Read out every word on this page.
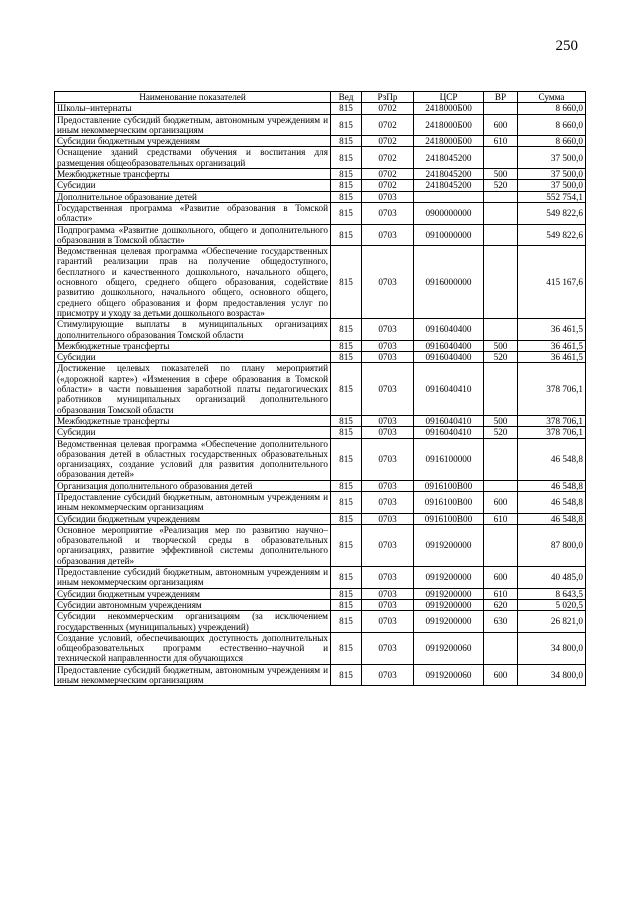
250
Наименование показателей	Вед	РзПр	ЦСР	ВР	Сумма
Школы–интернаты	815	0702	2418000Б00		8 660,0
Предоставление субсидий бюджетным, автономным учреждениям и иным некоммерческим организациям	815	0702	2418000Б00	600	8 660,0
Субсидии бюджетным учреждениям	815	0702	2418000Б00	610	8 660,0
Оснащение зданий средствами обучения и воспитания для размещения общеобразовательных организаций	815	0702	2418045200		37 500,0
Межбюджетные трансферты	815	0702	2418045200	500	37 500,0
Субсидии	815	0702	2418045200	520	37 500,0
Дополнительное образование детей	815	0703			552 754,1
Государственная программа «Развитие образования в Томской области»	815	0703	0900000000		549 822,6
Подпрограмма «Развитие дошкольного, общего и дополнительного образования в Томской области»	815	0703	0910000000		549 822,6
Ведомственная целевая программа «Обеспечение государственных гарантий реализации прав на получение общедоступного, бесплатного и качественного дошкольного, начального общего, основного общего, среднего общего образования, содействие развитию дошкольного, начального общего, основного общего, среднего общего образования и форм предоставления услуг по присмотру и уходу за детьми дошкольного возраста»	815	0703	0916000000		415 167,6
Стимулирующие выплаты в муниципальных организациях дополнительного образования Томской области	815	0703	0916040400		36 461,5
Межбюджетные трансферты	815	0703	0916040400	500	36 461,5
Субсидии	815	0703	0916040400	520	36 461,5
Достижение целевых показателей по плану мероприятий («дорожной карте») «Изменения в сфере образования в Томской области» в части повышения заработной платы педагогических работников муниципальных организаций дополнительного образования Томской области	815	0703	0916040410		378 706,1
Межбюджетные трансферты	815	0703	0916040410	500	378 706,1
Субсидии	815	0703	0916040410	520	378 706,1
Ведомственная целевая программа «Обеспечение дополнительного образования детей в областных государственных образовательных организациях, создание условий для развития дополнительного образования детей»	815	0703	0916100000		46 548,8
Организация дополнительного образования детей	815	0703	0916100В00		46 548,8
Предоставление субсидий бюджетным, автономным учреждениям и иным некоммерческим организациям	815	0703	0916100В00	600	46 548,8
Субсидии бюджетным учреждениям	815	0703	0916100В00	610	46 548,8
Основное мероприятие «Реализация мер по развитию научно–образовательной и творческой среды в образовательных организациях, развитие эффективной системы дополнительного образования детей»	815	0703	0919200000		87 800,0
Предоставление субсидий бюджетным, автономным учреждениям и иным некоммерческим организациям	815	0703	0919200000	600	40 485,0
Субсидии бюджетным учреждениям	815	0703	0919200000	610	8 643,5
Субсидии автономным учреждениям	815	0703	0919200000	620	5 020,5
Субсидии некоммерческим организациям (за исключением государственных (муниципальных) учреждений)	815	0703	0919200000	630	26 821,0
Создание условий, обеспечивающих доступность дополнительных общеобразовательных программ естественно–научной и технической направленности для обучающихся	815	0703	0919200060		34 800,0
Предоставление субсидий бюджетным, автономным учреждениям и иным некоммерческим организациям	815	0703	0919200060	600	34 800,0
